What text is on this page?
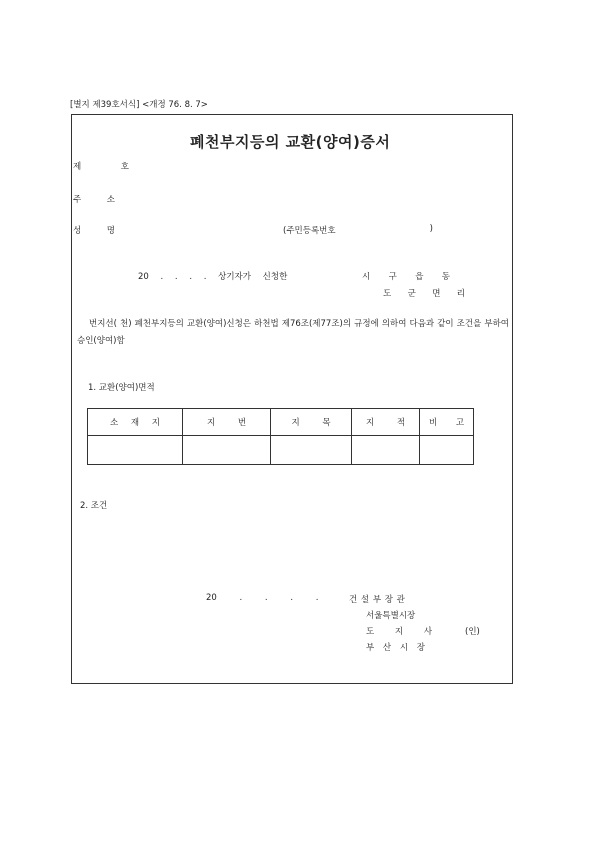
[별지 제39호서식] <개정 76. 8. 7>
폐천부지등의 교환(양여)증서
제	호
주	소
성	명	(주민등록번호	)
20 . . . . 상기자가 신청한	시 구 읍 동
도 군 면 리
번지선( 천) 폐천부지등의 교환(양여)신청은 하천법 제76조(제77조)의 규정에 의하여 다음과 같이 조건을 부하여 승인(양여)함
1. 교환(양여)면적
소 재 지	지 번	지 목	지 적	비 고

2. 조건
20 . . . .	건 설 부 장 관
서울특별시장
도 지 사	(인)
부 산 시 장
